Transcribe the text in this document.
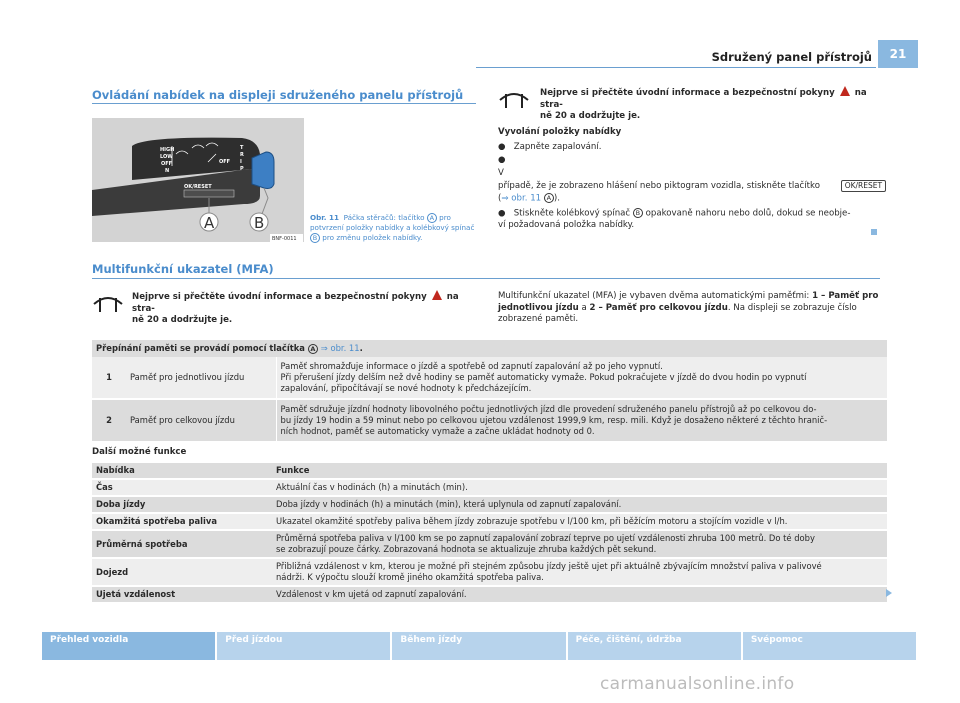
Sdružený panel přístrojů	21
Ovládání nabídek na displeji sdruženého panelu přístrojů
HIGH
LOW
OFF
N
OFF
T
R
I
P
OK/RESET
A	B
BNF-0011
Obr. 11 Páčka stěračů: tlačítko A pro potvrzení položky nabídky a kolébkový spínač B pro změnu položek nabídky.
Nejprve si přečtěte úvodní informace a bezpečnostní pokyny na stra-
ně 20 a dodržujte je.
Vyvolání položky nabídky
● Zapněte zapalování.
●
V
případě, že je zobrazeno hlášení nebo piktogram vozidla, stiskněte tlačítko	OK/RESET
(⇒ obr. 11 A ).
● Stiskněte kolébkový spínač B opakovaně nahoru nebo dolů, dokud se neobje-
ví požadovaná položka nabídky.
Multifunkční ukazatel (MFA)
Nejprve si přečtěte úvodní informace a bezpečnostní pokyny na stra-
ně 20 a dodržujte je.
Multifunkční ukazatel (MFA) je vybaven dvěma automatickými paměťmi: 1 – Paměť pro jednotlivou jízdu a 2 – Paměť pro celkovou jízdu. Na displeji se zobrazuje číslo zobrazené paměti.
Přepínání paměti se provádí pomocí tlačítka A ⇒ obr. 11.		
1	Paměť pro jednotlivou jízdu	Paměť shromažďuje informace o jízdě a spotřebě od zapnutí zapalování až po jeho vypnutí.
Při přerušení jízdy delším než dvě hodiny se paměť automaticky vymaže. Pokud pokračujete v jízdě do dvou hodin po vypnutí
zapalování, připočítávají se nové hodnoty k předcházejícím.

2	Paměť pro celkovou jízdu	Paměť sdružuje jízdní hodnoty libovolného počtu jednotlivých jízd dle provedení sdruženého panelu přístrojů až po celkovou do-
bu jízdy 19 hodin a 59 minut nebo po celkovou ujetou vzdálenost 1999,9 km, resp. mili. Když je dosaženo některé z těchto hranič-
ních hodnot, paměť se automaticky vymaže a začne ukládat hodnoty od 0.
Další možné funkce
Nabídka	Funkce
Čas	Aktuální čas v hodinách (h) a minutách (min).
Doba jízdy	Doba jízdy v hodinách (h) a minutách (min), která uplynula od zapnutí zapalování.
Okamžitá spotřeba paliva	Ukazatel okamžité spotřeby paliva během jízdy zobrazuje spotřebu v l/100 km, při běžícím motoru a stojícím vozidle v l/h.
Průměrná spotřeba	Průměrná spotřeba paliva v l/100 km se po zapnutí zapalování zobrazí teprve po ujetí vzdálenosti zhruba 100 metrů. Do té doby
se zobrazují pouze čárky. Zobrazovaná hodnota se aktualizuje zhruba každých pět sekund.

Dojezd	Přibližná vzdálenost v km, kterou je možné při stejném způsobu jízdy ještě ujet při aktuálně zbývajícím množství paliva v palivové
nádrži. K výpočtu slouží kromě jiného okamžitá spotřeba paliva.

Ujetá vzdálenost	Vzdálenost v km ujetá od zapnutí zapalování.
Přehled vozidla	Před jízdou	Během jízdy	Péče, čištění, údržba	Svépomoc
carmanualsonline.info
